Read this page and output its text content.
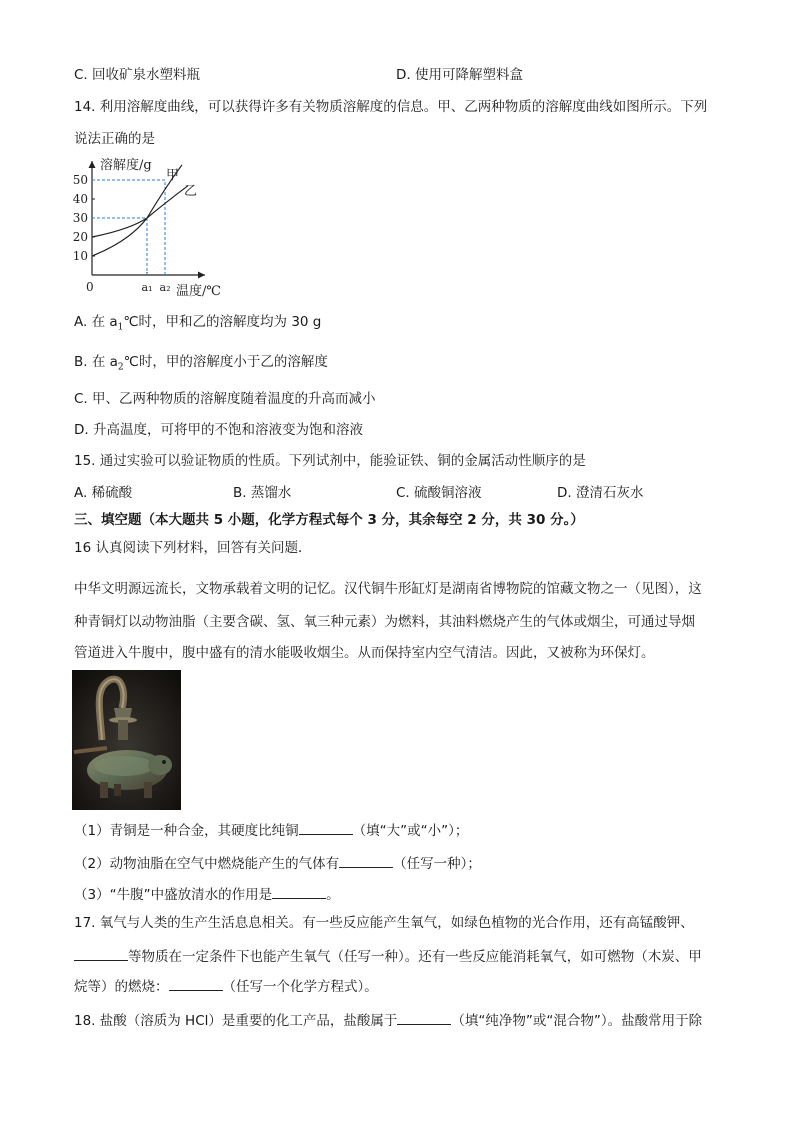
C. 回收矿泉水塑料瓶	D. 使用可降解塑料盒
14. 利用溶解度曲线，可以获得许多有关物质溶解度的信息。甲、乙两种物质的溶解度曲线如图所示。下列
说法正确的是
10
20
30
40
50
0	a₁ a₂
溶解度/g
温度/℃
甲
乙
A. 在 $a_1℃$时，甲和乙的溶解度均为 30 g
B. 在 $a_2℃$时，甲的溶解度小于乙的溶解度
C. 甲、乙两种物质的溶解度随着温度的升高而减小
D. 升高温度，可将甲的不饱和溶液变为饱和溶液
15. 通过实验可以验证物质的性质。下列试剂中，能验证铁、铜的金属活动性顺序的是
A. 稀硫酸	B. 蒸馏水	C. 硫酸铜溶液	D. 澄清石灰水
三、填空题（本大题共 5 小题，化学方程式每个 3 分，其余每空 2 分，共 30 分。）
16 认真阅读下列材料，回答有关问题．
中华文明源远流长，文物承载着文明的记忆。汉代铜牛形缸灯是湖南省博物院的馆藏文物之一（见图），这
种青铜灯以动物油脂（主要含碳、氢、氧三种元素）为燃料，其油料燃烧产生的气体或烟尘，可通过导烟
管道进入牛腹中，腹中盛有的清水能吸收烟尘。从而保持室内空气清洁。因此，又被称为环保灯。
（1）青铜是一种合金，其硬度比纯铜	（填“大”或“小”）；
（2）动物油脂在空气中燃烧能产生的气体有	（任写一种）；
（3）“牛腹”中盛放清水的作用是	。
17. 氧气与人类的生产生活息息相关。有一些反应能产生氧气，如绿色植物的光合作用，还有高锰酸钾、
等物质在一定条件下也能产生氧气（任写一种）。还有一些反应能消耗氧气，如可燃物（木炭、甲
烷等）的燃烧：	（任写一个化学方程式）。
18. 盐酸（溶质为 HCl）是重要的化工产品，盐酸属于	（填“纯净物”或“混合物”）。盐酸常用于除
